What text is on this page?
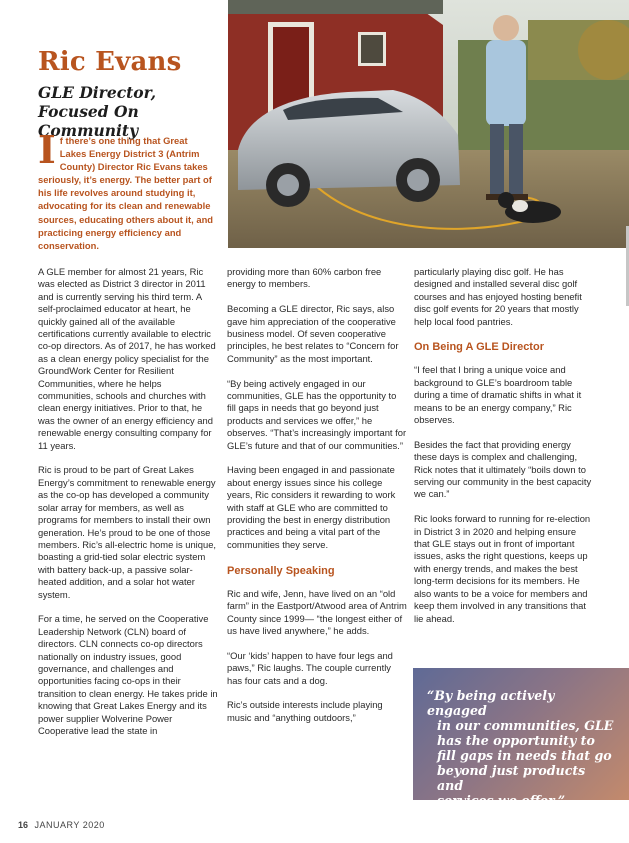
Ric Evans
GLE Director, Focused On Community
I f there’s one thing that Great Lakes Energy District 3 (Antrim County) Director Ric Evans takes seriously, it’s energy. The better part of his life revolves around studying it, advocating for its clean and renewable sources, educating others about it, and practicing energy efficiency and conservation.

A GLE member for almost 21 years, Ric was elected as District 3 director in 2011 and is currently serving his third term. A self-proclaimed educator at heart, he quickly gained all of the available certifications currently available to electric co-op directors. As of 2017, he has worked as a clean energy policy specialist for the GroundWork Center for Resilient Communities, where he helps communities, schools and churches with clean energy initiatives. Prior to that, he was the owner of an energy efficiency and renewable energy consulting company for 11 years.

Ric is proud to be part of Great Lakes Energy’s commitment to renewable energy as the co-op has developed a community solar array for members, as well as programs for members to install their own generation. He’s proud to be one of those members. Ric’s all-electric home is unique, boasting a grid-tied solar electric system with battery back-up, a passive solar-heated addition, and a solar hot water system.

For a time, he served on the Cooperative Leadership Network (CLN) board of directors. CLN connects co-op directors nationally on industry issues, good governance, and challenges and opportunities facing co-ops in their transition to clean energy. He takes pride in knowing that Great Lakes Energy and its power supplier Wolverine Power Cooperative lead the state in

providing more than 60% carbon free energy to members.

Becoming a GLE director, Ric says, also gave him appreciation of the cooperative business model. Of seven cooperative principles, he best relates to “Concern for Community” as the most important.

“By being actively engaged in our communities, GLE has the opportunity to fill gaps in needs that go beyond just products and services we offer,” he observes. “That’s increasingly important for GLE’s future and that of our communities.”

Having been engaged in and passionate about energy issues since his college years, Ric considers it rewarding to work with staff at GLE who are committed to providing the best in energy distribution practices and being a vital part of the communities they serve.

Personally Speaking

Ric and wife, Jenn, have lived on an “old farm” in the Eastport/Atwood area of Antrim County since 1999— “the longest either of us have lived anywhere,” he adds.

“Our ‘kids’ happen to have four legs and paws,” Ric laughs. The couple currently has four cats and a dog.

Ric’s outside interests include playing music and “anything outdoors,”

particularly playing disc golf. He has designed and installed several disc golf courses and has enjoyed hosting benefit disc golf events for 20 years that mostly help local food pantries.

On Being A GLE Director

“I feel that I bring a unique voice and background to GLE’s boardroom table during a time of dramatic shifts in what it means to be an energy company,” Ric observes.

Besides the fact that providing energy these days is complex and challenging, Rick notes that it ultimately “boils down to serving our community in the best capacity we can.”

Ric looks forward to running for re-election in District 3 in 2020 and helping ensure that GLE stays out in front of important issues, asks the right questions, keeps up with energy trends, and makes the best long-term decisions for its members. He also wants to be a voice for members and keep them involved in any transitions that lie ahead.

“By being actively engaged
in our communities, GLE
has the opportunity to
fill gaps in needs that go
beyond just products and
services we offer.”
16 JANUARY 2020
